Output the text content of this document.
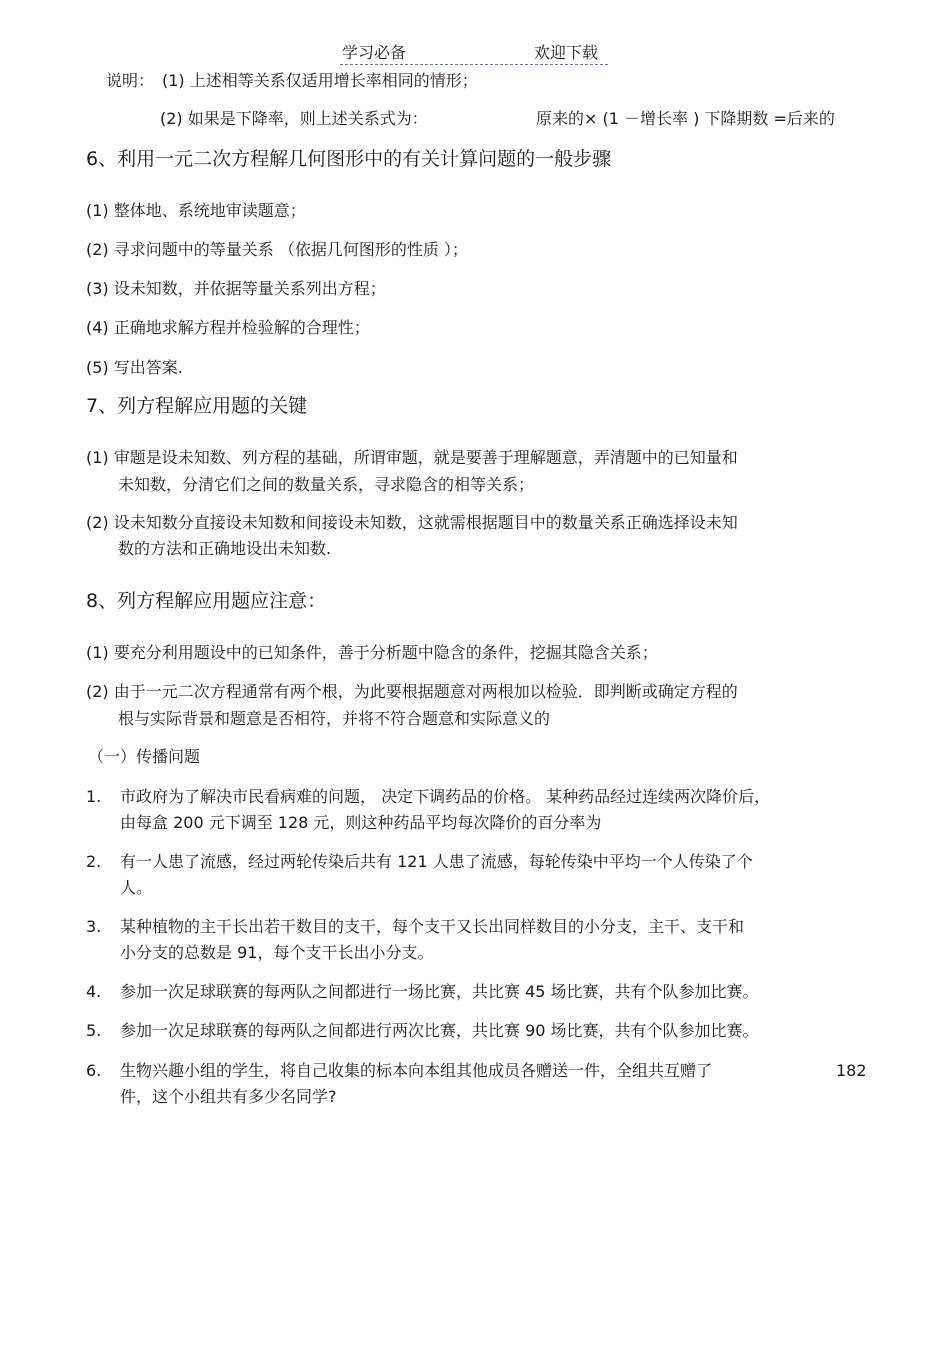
学习必备	欢迎下载
说明： (1) 上述相等关系仅适用增长率相同的情形；
(2) 如果是下降率，则上述关系式为：	原来的× (1 －增长率 ) 下降期数 =后来的
6、利用一元二次方程解几何图形中的有关计算问题的一般步骤
(1) 整体地、系统地审读题意；
(2) 寻求问题中的等量关系 （依据几何图形的性质 ）；
(3) 设未知数，并依据等量关系列出方程；
(4) 正确地求解方程并检验解的合理性；
(5) 写出答案.
7、列方程解应用题的关键
(1) 审题是设未知数、列方程的基础，所谓审题，就是要善于理解题意，弄清题中的已知量和
未知数，分清它们之间的数量关系，寻求隐含的相等关系；
(2) 设未知数分直接设未知数和间接设未知数，这就需根据题目中的数量关系正确选择设未知
数的方法和正确地设出未知数.
8、列方程解应用题应注意：
(1) 要充分利用题设中的已知条件，善于分析题中隐含的条件，挖掘其隐含关系；
(2) 由于一元二次方程通常有两个根，为此要根据题意对两根加以检验．即判断或确定方程的
根与实际背景和题意是否相符，并将不符合题意和实际意义的
（一）传播问题
1. 市政府为了解决市民看病难的问题， 决定下调药品的价格。 某种药品经过连续两次降价后，
由每盒 200 元下调至 128 元，则这种药品平均每次降价的百分率为
2. 有一人患了流感，经过两轮传染后共有 121 人患了流感，每轮传染中平均一个人传染了个
人。
3. 某种植物的主干长出若干数目的支干，每个支干又长出同样数目的小分支，主干、支干和
小分支的总数是 91，每个支干长出小分支。
4. 参加一次足球联赛的每两队之间都进行一场比赛，共比赛 45 场比赛，共有个队参加比赛。
5. 参加一次足球联赛的每两队之间都进行两次比赛，共比赛 90 场比赛，共有个队参加比赛。
6. 生物兴趣小组的学生，将自己收集的标本向本组其他成员各赠送一件，全组共互赠了	182
件，这个小组共有多少名同学?
